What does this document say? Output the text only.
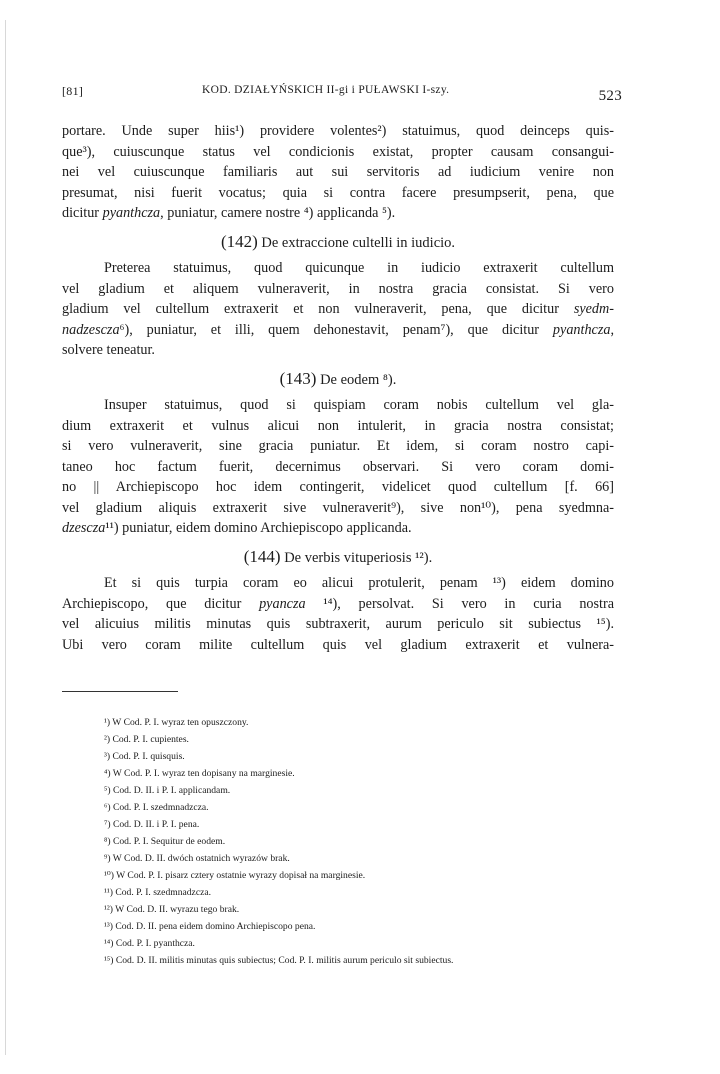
[81]	KOD. DZIAŁYŃSKICH II-gi i PUŁAWSKI I-szy.	523
portare. Unde super hiis¹) providere volentes²) statuimus, quod deinceps quis-
que³), cuiuscunque status vel condicionis existat, propter causam consangui-
nei vel cuiuscunque familiaris aut sui servitoris ad iudicium venire non
presumat, nisi fuerit vocatus; quia si contra facere presumpserit, pena, que
dicitur pyanthcza, puniatur, camere nostre ⁴) applicanda ⁵).
(142) De extraccione cultelli in iudicio.
Preterea statuimus, quod quicunque in iudicio extraxerit cultellum
vel gladium et aliquem vulneraverit, in nostra gracia consistat. Si vero
gladium vel cultellum extraxerit et non vulneraverit, pena, que dicitur syedm-
nadzescza⁶), puniatur, et illi, quem dehonestavit, penam⁷), que dicitur pyanthcza,
solvere teneatur.
(143) De eodem ⁸).
Insuper statuimus, quod si quispiam coram nobis cultellum vel gla-
dium extraxerit et vulnus alicui non intulerit, in gracia nostra consistat;
si vero vulneraverit, sine gracia puniatur. Et idem, si coram nostro capi-
taneo hoc factum fuerit, decernimus observari. Si vero coram domi-
no || Archiepiscopo hoc idem contingerit, videlicet quod cultellum [f. 66]
vel gladium aliquis extraxerit sive vulneraverit⁹), sive non¹⁰), pena syedmna-
dzescza¹¹) puniatur, eidem domino Archiepiscopo applicanda.
(144) De verbis vituperiosis ¹²).
Et si quis turpia coram eo alicui protulerit, penam ¹³) eidem domino
Archiepiscopo, que dicitur pyancza ¹⁴), persolvat. Si vero in curia nostra
vel alicuius militis minutas quis subtraxerit, aurum periculo sit subiectus ¹⁵).
Ubi vero coram milite cultellum quis vel gladium extraxerit et vulnera-
¹) W Cod. P. I. wyraz ten opuszczony.
²) Cod. P. I. cupientes.
³) Cod. P. I. quisquis.
⁴) W Cod. P. I. wyraz ten dopisany na marginesie.
⁵) Cod. D. II. i P. I. applicandam.
⁶) Cod. P. I. szedmnadzcza.
⁷) Cod. D. II. i P. I. pena.
⁸) Cod. P. I. Sequitur de eodem.
⁹) W Cod. D. II. dwóch ostatnich wyrazów brak.
¹⁰) W Cod. P. I. pisarz cztery ostatnie wyrazy dopisał na marginesie.
¹¹) Cod. P. I. szedmnadzcza.
¹²) W Cod. D. II. wyrazu tego brak.
¹³) Cod. D. II. pena eidem domino Archiepiscopo pena.
¹⁴) Cod. P. I. pyanthcza.
¹⁵) Cod. D. II. militis minutas quis subiectus; Cod. P. I. militis aurum periculo sit subiectus.
